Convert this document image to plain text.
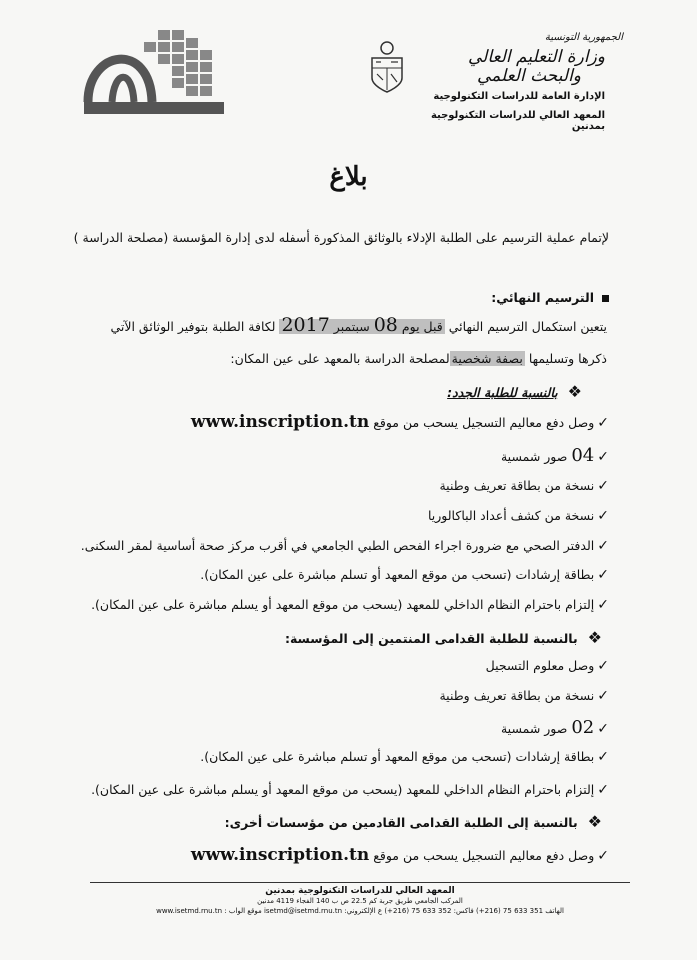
الجمهورية التونسية
وزارة التعليم العالي
والبحث العلمي
الإدارة العامة للدراسات التكنولوجية
المعهد العالي للدراسات التكنولوجية بمدنين
بلاغ
لإتمام عملية الترسيم على الطلبة الإدلاء بالوثائق المذكورة أسفله لدى إدارة المؤسسة (مصلحة الدراسة )
الترسيم النهائي:
يتعين استكمال الترسيم النهائي قبل يوم 08 سبتمبر 2017 لكافة الطلبة بتوفير الوثائق الآتي
ذكرها وتسليمها بصفة شخصيةلمصلحة الدراسة بالمعهد على عين المكان:
❖بالنسبة للطلبة الجدد:
✓وصل دفع معاليم التسجيل يسحب من موقع www.inscription.tn
✓04 صور شمسية
✓نسخة من بطاقة تعريف وطنية
✓نسخة من كشف أعداد الباكالوريا
✓الدفتر الصحي مع ضرورة اجراء الفحص الطبي الجامعي في أقرب مركز صحة أساسية لمقر السكنى.
✓بطاقة إرشادات (تسحب من موقع المعهد أو تسلم مباشرة على عين المكان).
✓إلتزام باحترام النظام الداخلي للمعهد (يسحب من موقع المعهد أو يسلم مباشرة على عين المكان).
❖بالنسبة للطلبة القدامى المنتمين إلى المؤسسة:
✓وصل معلوم التسجيل
✓نسخة من بطاقة تعريف وطنية
✓02 صور شمسية
✓بطاقة إرشادات (تسحب من موقع المعهد أو تسلم مباشرة على عين المكان).
✓إلتزام باحترام النظام الداخلي للمعهد (يسحب من موقع المعهد أو يسلم مباشرة على عين المكان).
❖بالنسبة إلى الطلبة القدامى القادمين من مؤسسات أخرى:
✓وصل دفع معاليم التسجيل يسحب من موقع www.inscription.tn
المعهد العالي للدراسات التكنولوجية بمدنين
المركب الجامعي طريق جربة كم 22.5 ص ب 140 الفجاء 4119 مدنين
الهاتف 351 633 75 (216+) فاكس: 352 633 75 (216+) ع الإلكتروني: isetmd@isetmd.rnu.tn موقع الواب : www.isetmd.rnu.tn
